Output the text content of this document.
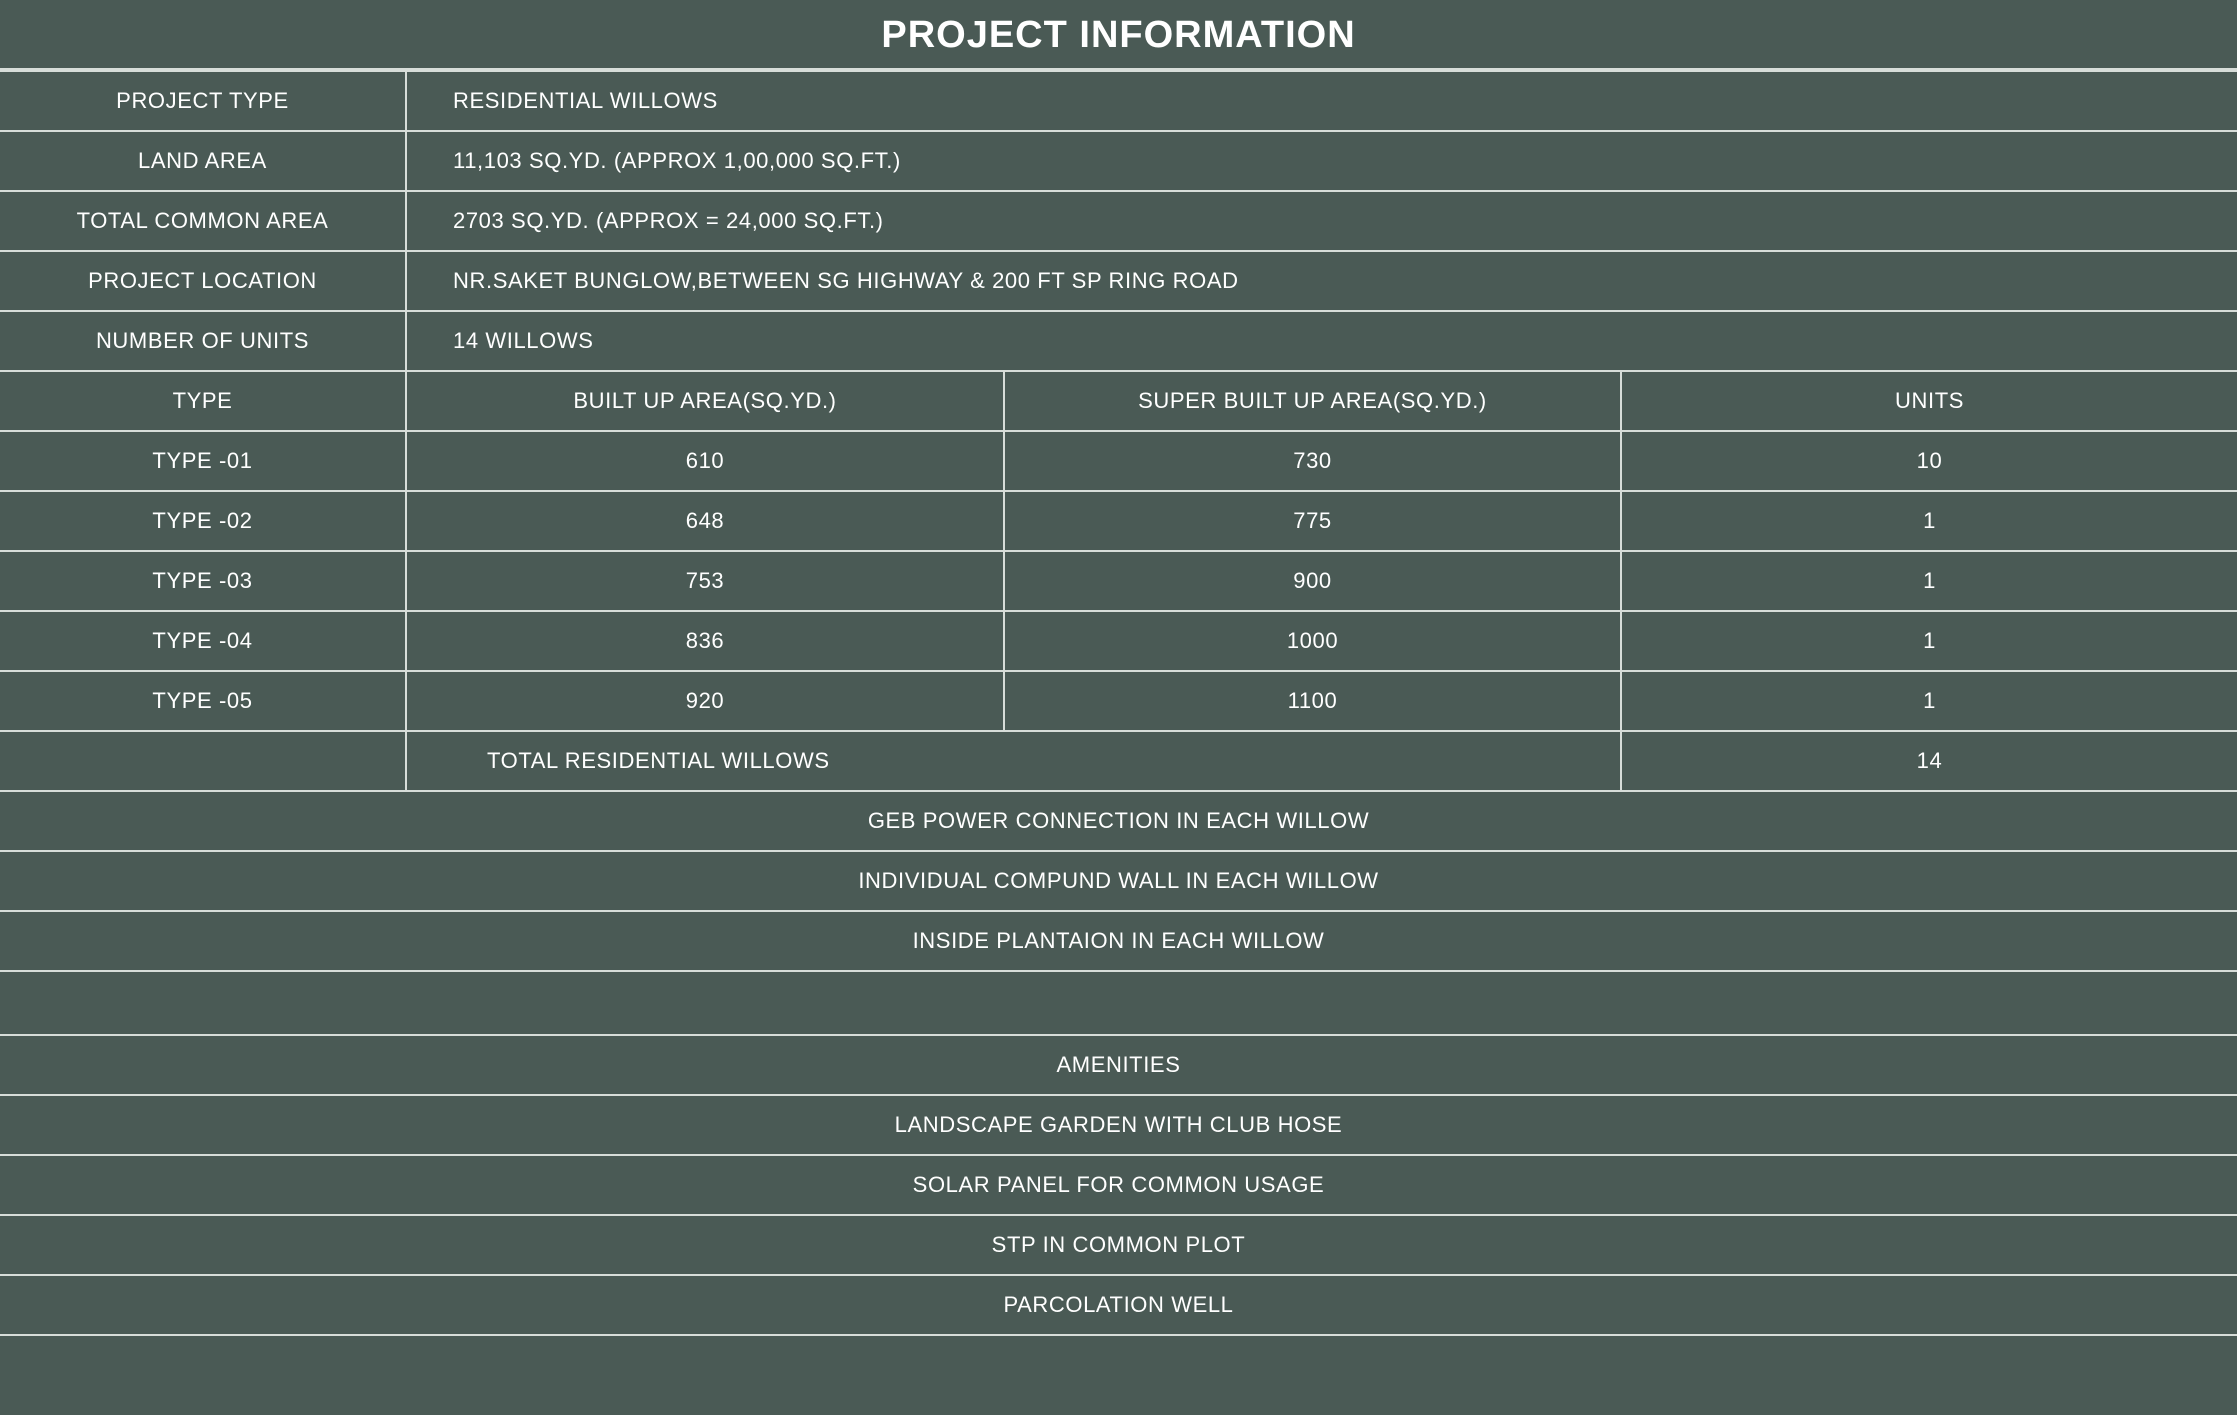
PROJECT INFORMATION
PROJECT TYPE	RESIDENTIAL WILLOWS		
LAND AREA	11,103 SQ.YD. (APPROX 1,00,000 SQ.FT.)		
TOTAL COMMON AREA	2703 SQ.YD. (APPROX = 24,000 SQ.FT.)		
PROJECT LOCATION	NR.SAKET BUNGLOW,BETWEEN SG HIGHWAY & 200 FT SP RING ROAD		
NUMBER OF UNITS	14 WILLOWS		
TYPE	BUILT UP AREA(SQ.YD.)	SUPER BUILT UP AREA(SQ.YD.)	UNITS
TYPE -01	610	730	10
TYPE -02	648	775	1
TYPE -03	753	900	1
TYPE -04	836	1000	1
TYPE -05	920	1100	1
	TOTAL RESIDENTIAL WILLOWS		14
GEB POWER CONNECTION IN EACH WILLOW			
INDIVIDUAL COMPUND WALL IN EACH WILLOW			
INSIDE PLANTAION IN EACH WILLOW			

AMENITIES			
LANDSCAPE GARDEN WITH CLUB HOSE			
SOLAR PANEL FOR COMMON USAGE			
STP IN COMMON PLOT			
PARCOLATION WELL			
